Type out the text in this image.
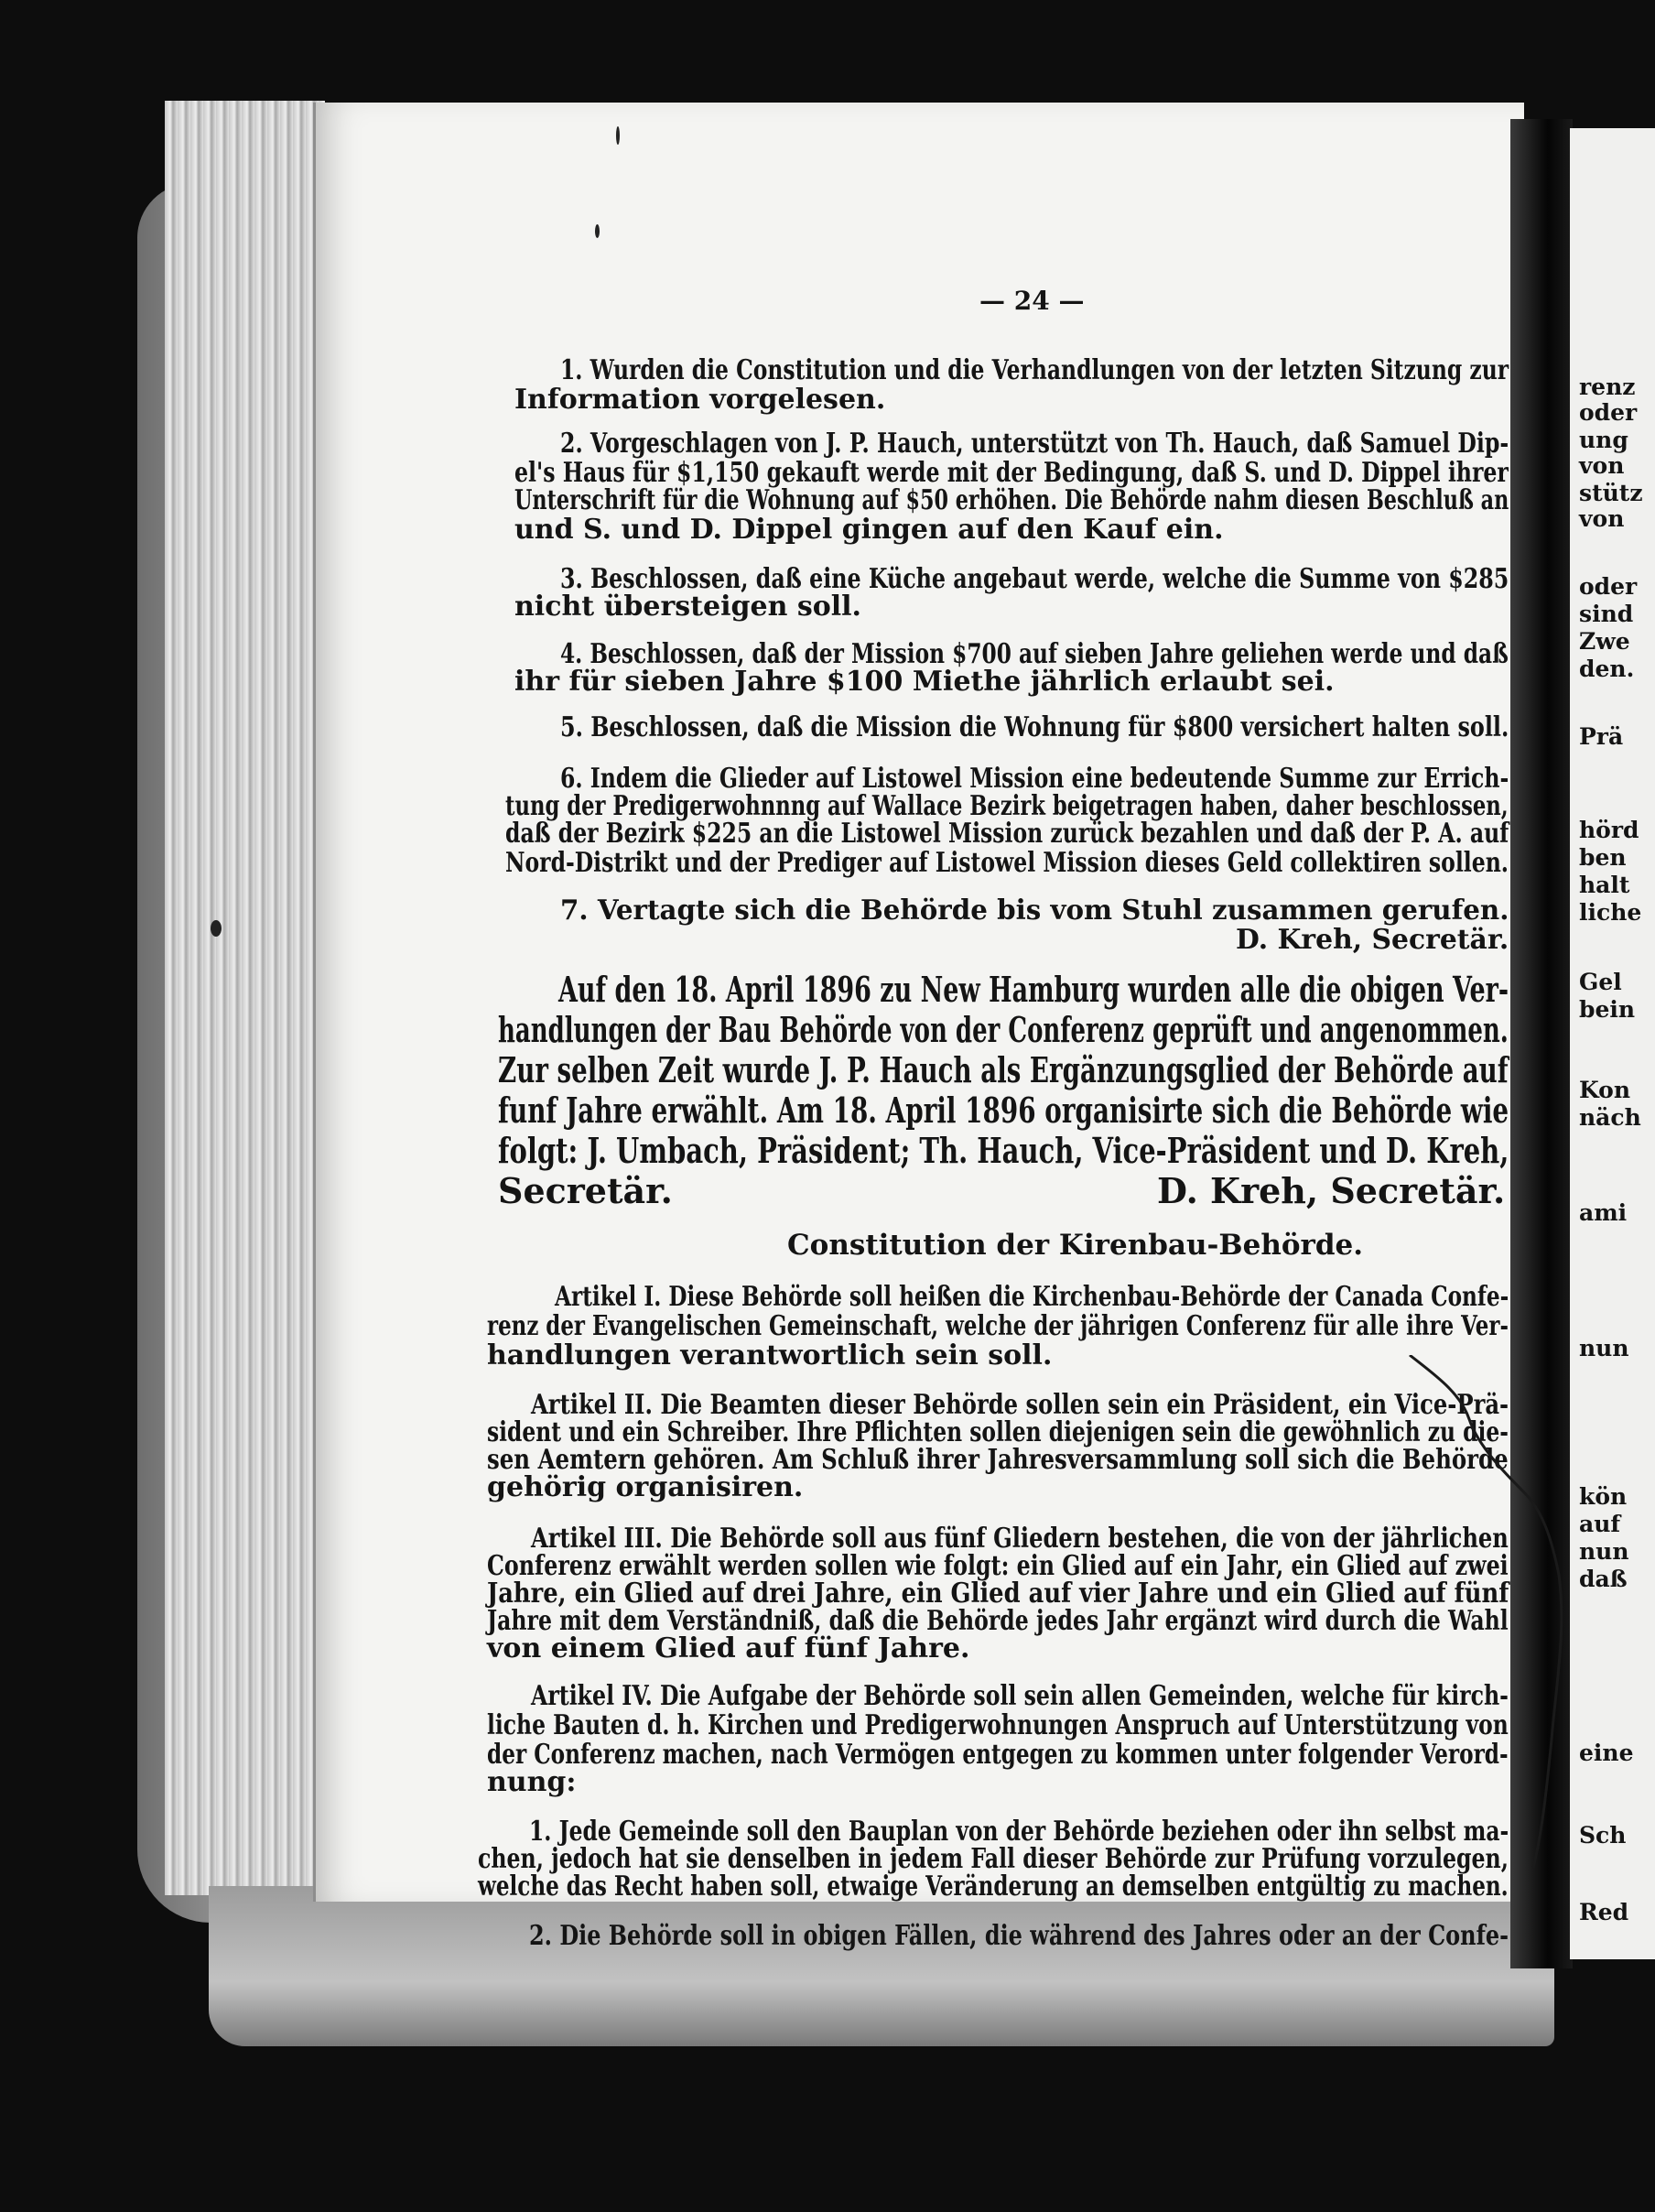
renz
oder
ung
von
stütz
von
oder
sind
Zwe
den.
Prä
hörd
ben
halt
liche
Gel
bein
Kon
näch
ami
nun
kön
auf
nun
daß
eine
Sch
Red
— 24 —
1. Wurden die Constitution und die Verhandlungen von der letzten Sitzung zur
Information vorgelesen.
2. Vorgeschlagen von J. P. Hauch, unterstützt von Th. Hauch, daß Samuel Dip-
el's Haus für $1,150 gekauft werde mit der Bedingung, daß S. und D. Dippel ihrer
Unterschrift für die Wohnung auf $50 erhöhen. Die Behörde nahm diesen Beschluß an
und S. und D. Dippel gingen auf den Kauf ein.
3. Beschlossen, daß eine Küche angebaut werde, welche die Summe von $285
nicht übersteigen soll.
4. Beschlossen, daß der Mission $700 auf sieben Jahre geliehen werde und daß
ihr für sieben Jahre $100 Miethe jährlich erlaubt sei.
5. Beschlossen, daß die Mission die Wohnung für $800 versichert halten soll.
6. Indem die Glieder auf Listowel Mission eine bedeutende Summe zur Errich-
tung der Predigerwohnnng auf Wallace Bezirk beigetragen haben, daher beschlossen,
daß der Bezirk $225 an die Listowel Mission zurück bezahlen und daß der P. A. auf
Nord-Distrikt und der Prediger auf Listowel Mission dieses Geld collektiren sollen.
7. Vertagte sich die Behörde bis vom Stuhl zusammen gerufen.
D. Kreh, Secretär.
Auf den 18. April 1896 zu New Hamburg wurden alle die obigen Ver-
handlungen der Bau Behörde von der Conferenz geprüft und angenommen.
Zur selben Zeit wurde J. P. Hauch als Ergänzungsglied der Behörde auf
funf Jahre erwählt. Am 18. April 1896 organisirte sich die Behörde wie
folgt: J. Umbach, Präsident; Th. Hauch, Vice-Präsident und D. Kreh,
Secretär.	D. Kreh, Secretär.
Constitution der Kirenbau-Behörde.
Artikel I. Diese Behörde soll heißen die Kirchenbau-Behörde der Canada Confe-
renz der Evangelischen Gemeinschaft, welche der jährigen Conferenz für alle ihre Ver-
handlungen verantwortlich sein soll.
Artikel II. Die Beamten dieser Behörde sollen sein ein Präsident, ein Vice-Prä-
sident und ein Schreiber. Ihre Pflichten sollen diejenigen sein die gewöhnlich zu die-
sen Aemtern gehören. Am Schluß ihrer Jahresversammlung soll sich die Behörde
gehörig organisiren.
Artikel III. Die Behörde soll aus fünf Gliedern bestehen, die von der jährlichen
Conferenz erwählt werden sollen wie folgt: ein Glied auf ein Jahr, ein Glied auf zwei
Jahre, ein Glied auf drei Jahre, ein Glied auf vier Jahre und ein Glied auf fünf
Jahre mit dem Verständniß, daß die Behörde jedes Jahr ergänzt wird durch die Wahl
von einem Glied auf fünf Jahre.
Artikel IV. Die Aufgabe der Behörde soll sein allen Gemeinden, welche für kirch-
liche Bauten d. h. Kirchen und Predigerwohnungen Anspruch auf Unterstützung von
der Conferenz machen, nach Vermögen entgegen zu kommen unter folgender Verord-
nung:
1. Jede Gemeinde soll den Bauplan von der Behörde beziehen oder ihn selbst ma-
chen, jedoch hat sie denselben in jedem Fall dieser Behörde zur Prüfung vorzulegen,
welche das Recht haben soll, etwaige Veränderung an demselben entgültig zu machen.
2. Die Behörde soll in obigen Fällen, die während des Jahres oder an der Confe-
